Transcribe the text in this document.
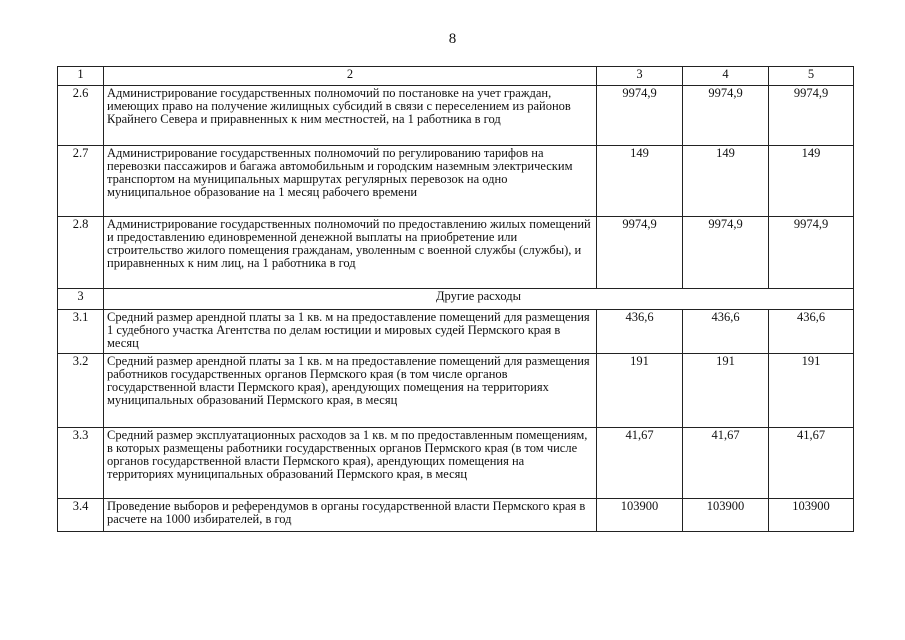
8
1	2	3	4	5
2.6	Администрирование государственных полномочий по постановке на учет граждан, имеющих право на получение жилищных субсидий в связи с переселением из районов Крайнего Севера и приравненных к ним местностей, на 1 работника в год	9974,9	9974,9	9974,9
2.7	Администрирование государственных полномочий по регулированию тарифов на перевозки пассажиров и багажа автомобильным и городским наземным электрическим транспортом на муниципальных маршрутах регулярных перевозок на одно муниципальное образование на 1 месяц рабочего времени	149	149	149
2.8	Администрирование государственных полномочий по предоставлению жилых помещений и предоставлению единовременной денежной выплаты на приобретение или строительство жилого помещения гражданам, уволенным с военной службы (службы), и приравненных к ним лиц, на 1 работника в год	9974,9	9974,9	9974,9
3	Другие расходы			
3.1	Средний размер арендной платы за 1 кв. м на предоставление помещений для размещения 1 судебного участка Агентства по делам юстиции и мировых судей Пермского края в месяц	436,6	436,6	436,6
3.2	Средний размер арендной платы за 1 кв. м на предоставление помещений для размещения работников государственных органов Пермского края (в том числе органов государственной власти Пермского края), арендующих помещения на территориях муниципальных образований Пермского края, в месяц	191	191	191
3.3	Средний размер эксплуатационных расходов за 1 кв. м по предоставленным помещениям, в которых размещены работники государственных органов Пермского края (в том числе органов государственной власти Пермского края), арендующих помещения на территориях муниципальных образований Пермского края, в месяц	41,67	41,67	41,67
3.4	Проведение выборов и референдумов в органы государственной власти Пермского края в расчете на 1000 избирателей, в год	103900	103900	103900
